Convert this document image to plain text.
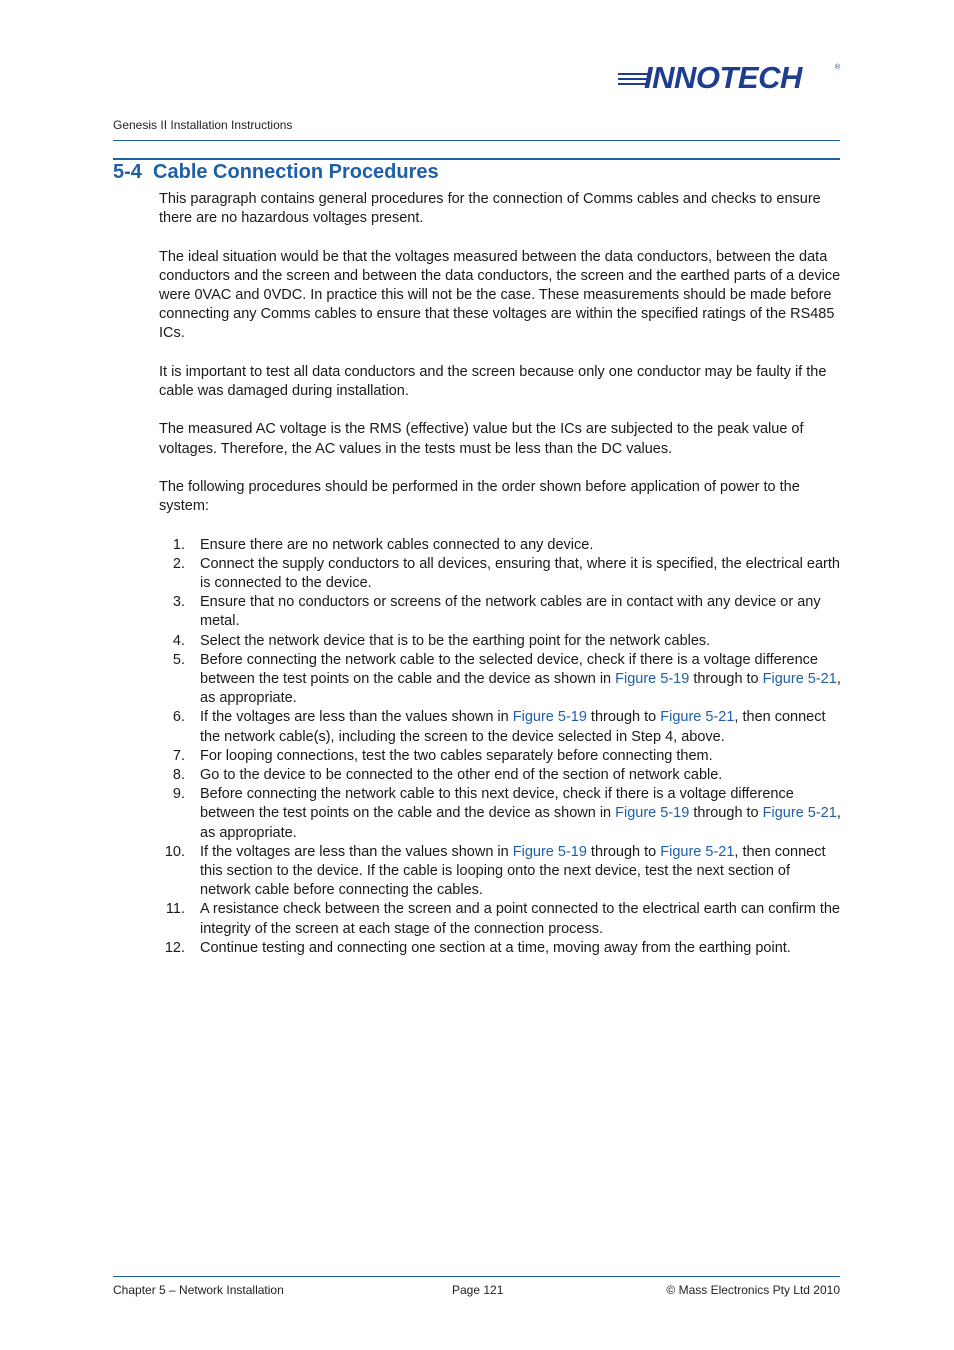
INNOTECH	®
Genesis II Installation Instructions
5-4 Cable Connection Procedures

This paragraph contains general procedures for the connection of Comms cables and checks to ensure there are no hazardous voltages present.

The ideal situation would be that the voltages measured between the data conductors, between the data conductors and the screen and between the data conductors, the screen and the earthed parts of a device were 0VAC and 0VDC. In practice this will not be the case. These measurements should be made before connecting any Comms cables to ensure that these voltages are within the specified ratings of the RS485 ICs.

It is important to test all data conductors and the screen because only one conductor may be faulty if the cable was damaged during installation.

The measured AC voltage is the RMS (effective) value but the ICs are subjected to the peak value of voltages. Therefore, the AC values in the tests must be less than the DC values.

The following procedures should be performed in the order shown before application of power to the system:

1. Ensure there are no network cables connected to any device.
2. Connect the supply conductors to all devices, ensuring that, where it is specified, the electrical earth is connected to the device.
3. Ensure that no conductors or screens of the network cables are in contact with any device or any metal.
4. Select the network device that is to be the earthing point for the network cables.
5. Before connecting the network cable to the selected device, check if there is a voltage difference between the test points on the cable and the device as shown in Figure 5-19 through to Figure 5-21, as appropriate.
6. If the voltages are less than the values shown in Figure 5-19 through to Figure 5-21, then connect the network cable(s), including the screen to the device selected in Step 4, above.
7. For looping connections, test the two cables separately before connecting them.
8. Go to the device to be connected to the other end of the section of network cable.
9. Before connecting the network cable to this next device, check if there is a voltage difference between the test points on the cable and the device as shown in Figure 5-19 through to Figure 5-21, as appropriate.
10. If the voltages are less than the values shown in Figure 5-19 through to Figure 5-21, then connect this section to the device. If the cable is looping onto the next device, test the next section of network cable before connecting the cables.
11. A resistance check between the screen and a point connected to the electrical earth can confirm the integrity of the screen at each stage of the connection process.
12. Continue testing and connecting one section at a time, moving away from the earthing point.
Chapter 5 – Network Installation	Page 121	© Mass Electronics Pty Ltd 2010
